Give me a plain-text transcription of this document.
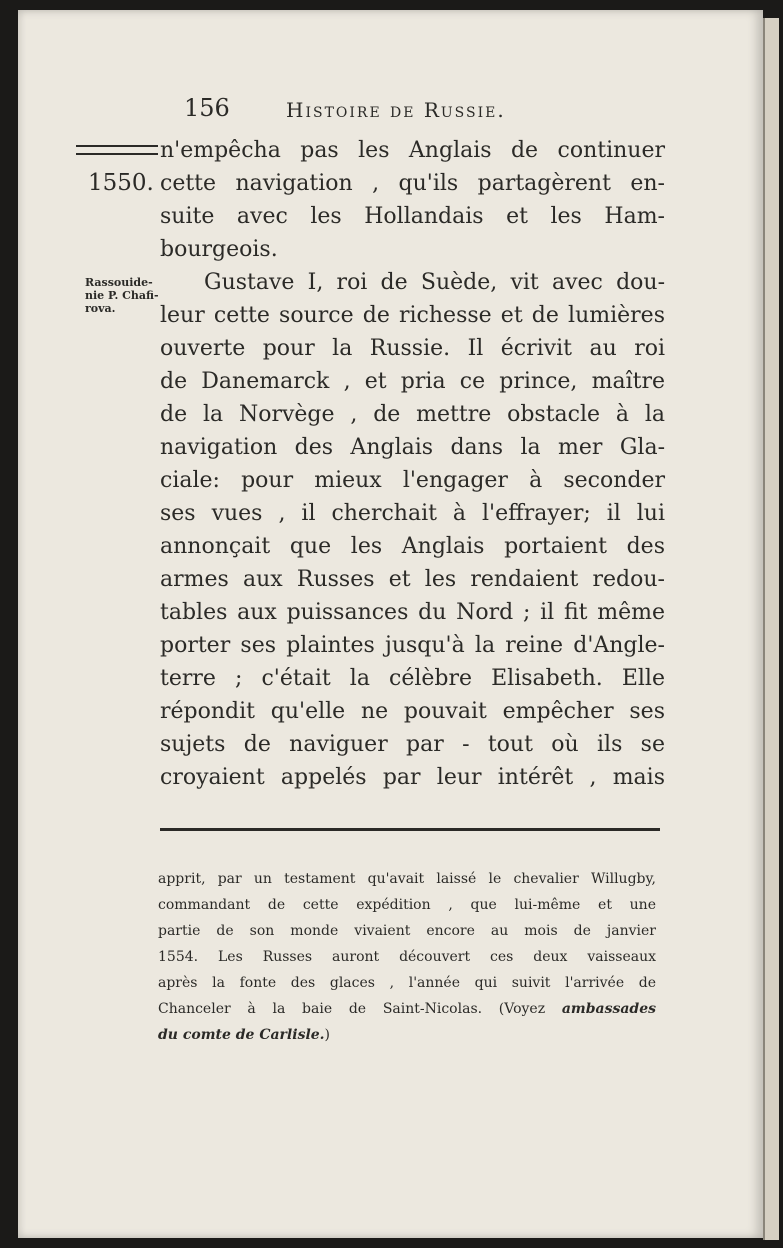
156	Histoire de Russie.
1550.
Rassouide-
nie P. Chafi-
rova.
n'empêcha pas les Anglais de continuer
cette navigation , qu'ils partagèrent en-
suite avec les Hollandais et les Ham-
bourgeois.
Gustave I, roi de Suède, vit avec dou-
leur cette source de richesse et de lumières
ouverte pour la Russie. Il écrivit au roi
de Danemarck , et pria ce prince, maître
de la Norvège , de mettre obstacle à la
navigation des Anglais dans la mer Gla-
ciale: pour mieux l'engager à seconder
ses vues , il cherchait à l'effrayer; il lui
annonçait que les Anglais portaient des
armes aux Russes et les rendaient redou-
tables aux puissances du Nord ; il fit même
porter ses plaintes jusqu'à la reine d'Angle-
terre ; c'était la célèbre Elisabeth. Elle
répondit qu'elle ne pouvait empêcher ses
sujets de naviguer par - tout où ils se
croyaient appelés par leur intérêt , mais
apprit, par un testament qu'avait laissé le chevalier Willugby,
commandant de cette expédition , que lui-même et une
partie de son monde vivaient encore au mois de janvier
1554. Les Russes auront découvert ces deux vaisseaux
après la fonte des glaces , l'année qui suivit l'arrivée de
Chanceler à la baie de Saint-Nicolas. (Voyez ambassades
du comte de Carlisle.)
